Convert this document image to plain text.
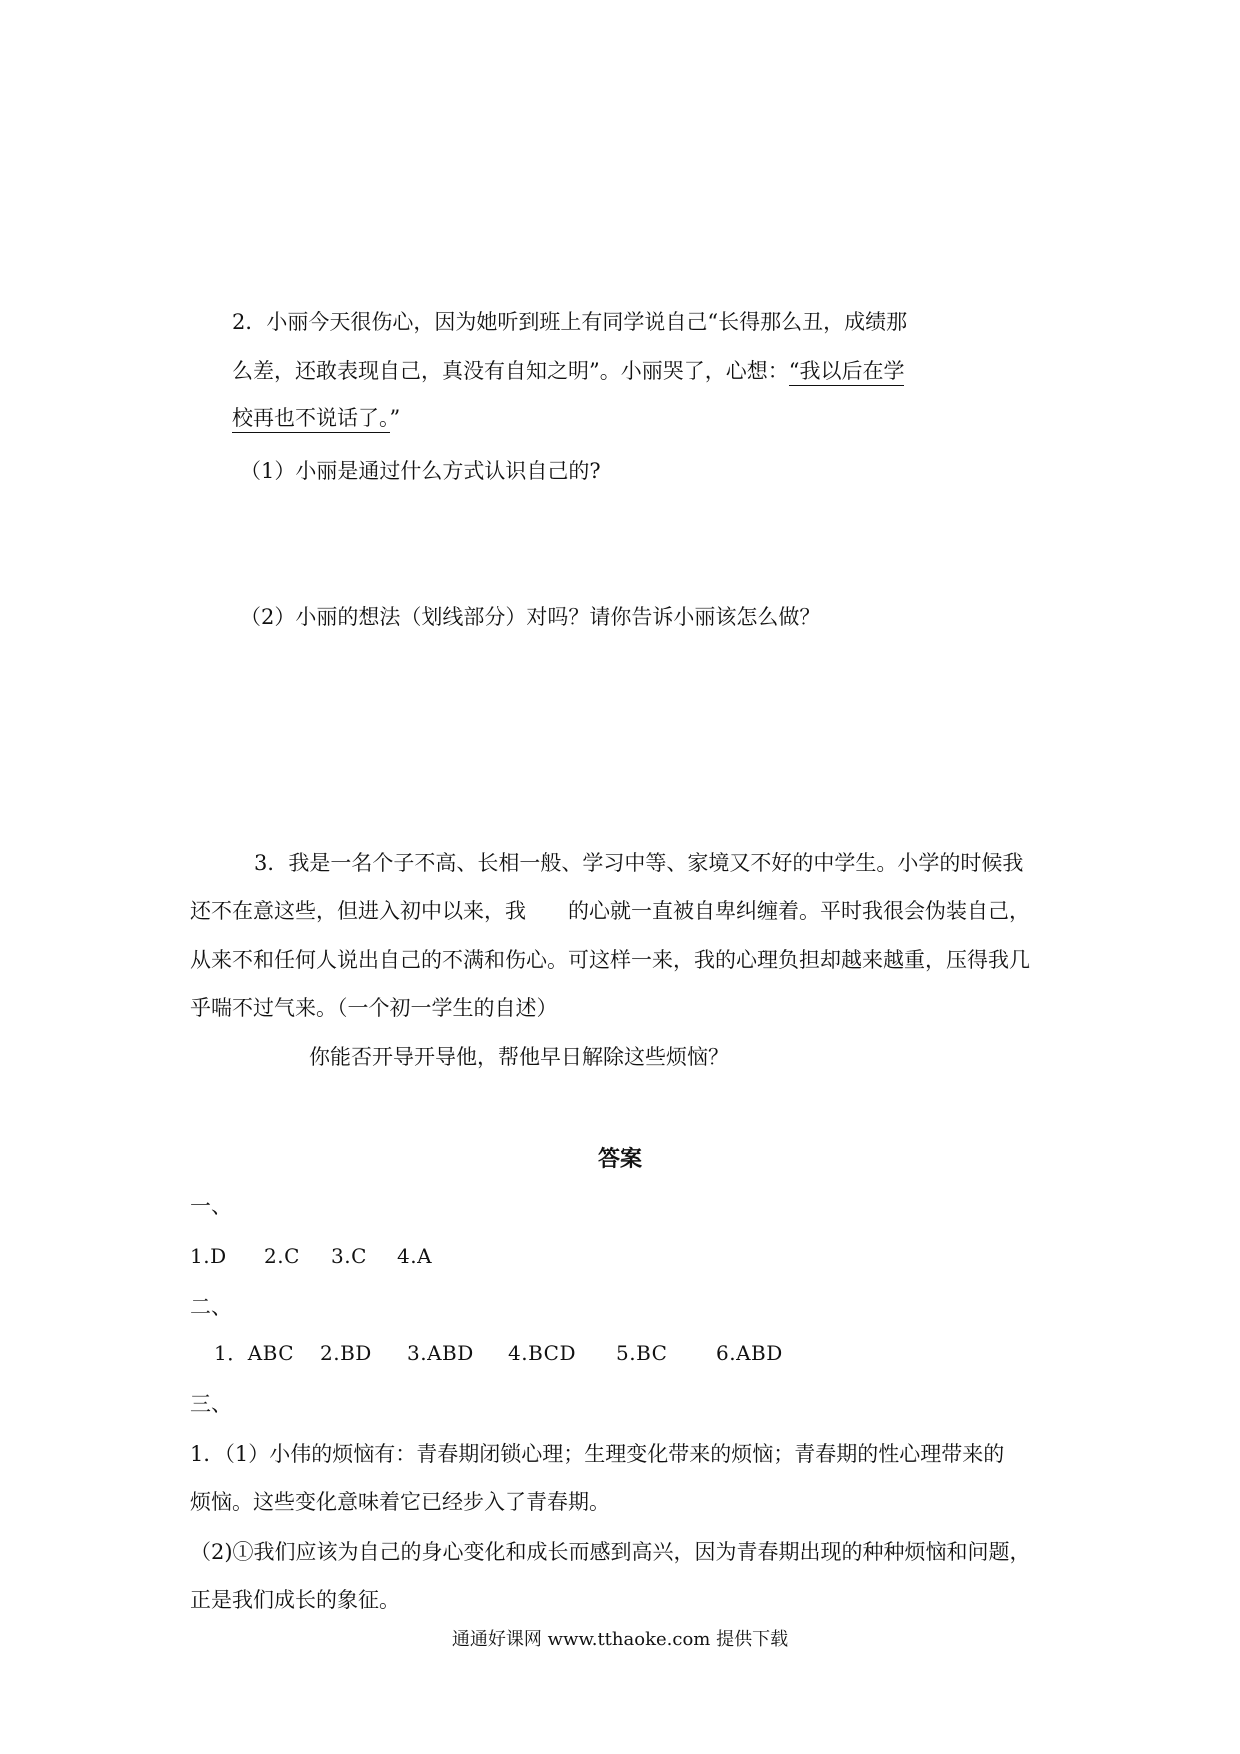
2．小丽今天很伤心，因为她听到班上有同学说自己“长得那么丑，成绩那

么差，还敢表现自己，真没有自知之明”。小丽哭了，心想：“我以后在学

校再也不说话了。”

（1）小丽是通过什么方式认识自己的?

（2）小丽的想法（划线部分）对吗？请你告诉小丽该怎么做？

3．我是一名个子不高、长相一般、学习中等、家境又不好的中学生。小学的时候我

还不在意这些，但进入初中以来，我 的心就一直被自卑纠缠着。平时我很会伪装自己，

从来不和任何人说出自己的不满和伤心。可这样一来，我的心理负担却越来越重，压得我几

乎喘不过气来。（一个初一学生的自述）

你能否开导开导他，帮他早日解除这些烦恼？

答案

一、

1.D 2.C 3.C 4.A

二、

1．ABC 2.BD 3.ABD 4.BCD 5.BC 6.ABD

三、

1．（1）小伟的烦恼有：青春期闭锁心理；生理变化带来的烦恼；青春期的性心理带来的

烦恼。这些变化意味着它已经步入了青春期。

（2)①我们应该为自己的身心变化和成长而感到高兴，因为青春期出现的种种烦恼和问题，

正是我们成长的象征。

通通好课网 www.tthaoke.com 提供下载
